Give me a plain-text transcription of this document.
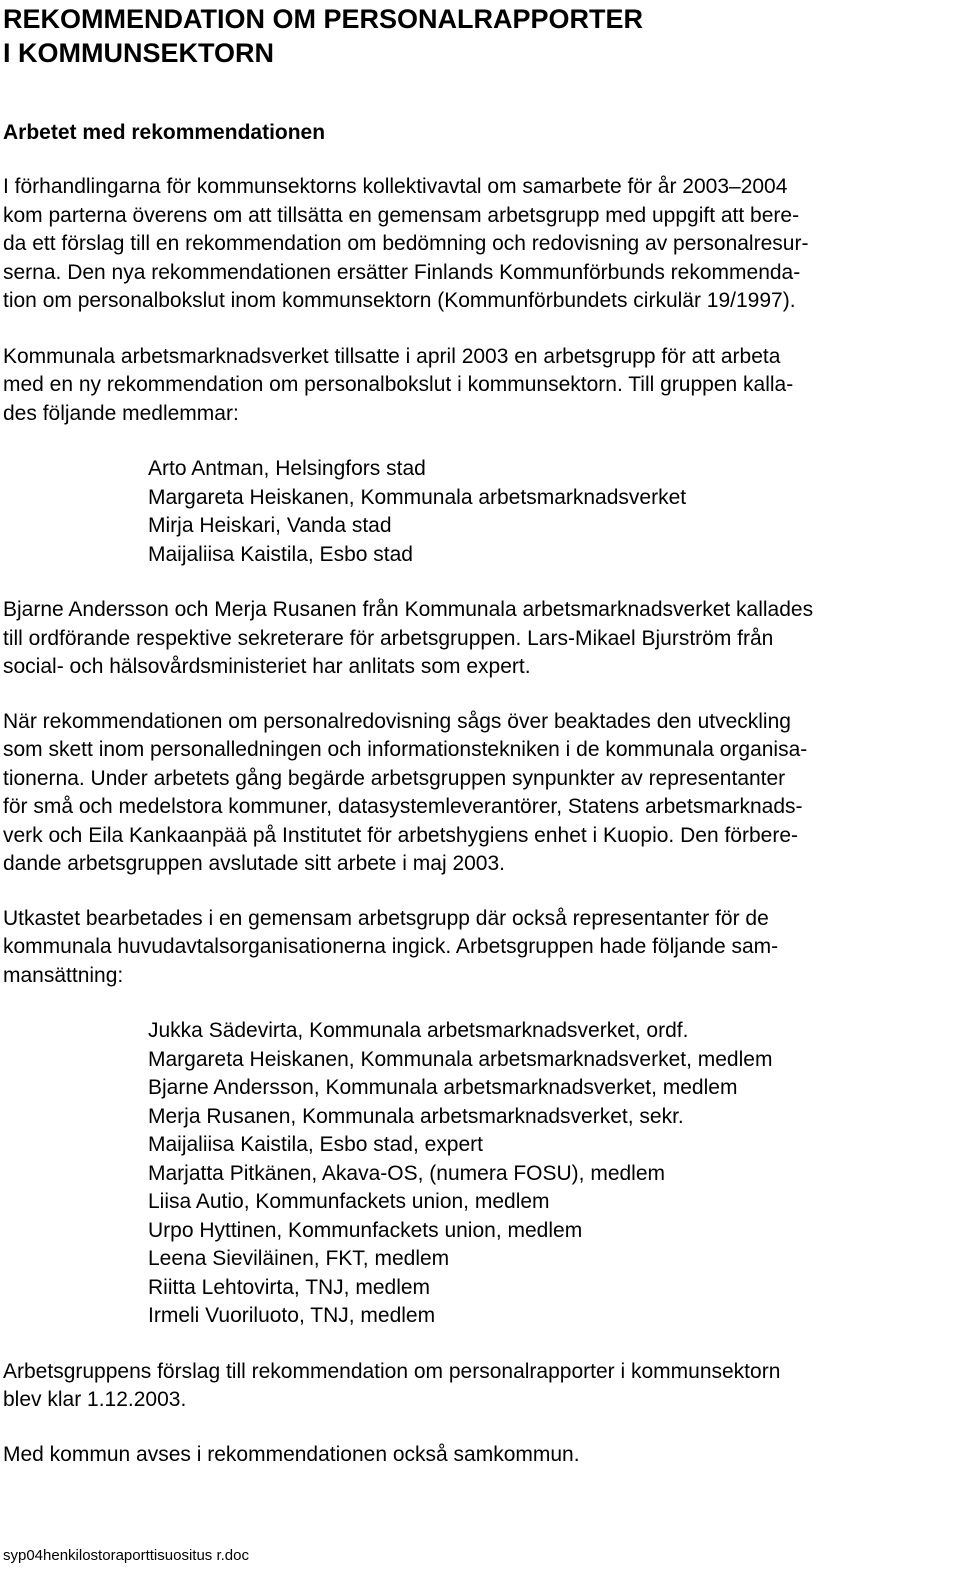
REKOMMENDATION OM PERSONALRAPPORTER
I KOMMUNSEKTORN
Arbetet med rekommendationen

I förhandlingarna för kommunsektorns kollektivavtal om samarbete för år 2003–2004
kom parterna överens om att tillsätta en gemensam arbetsgrupp med uppgift att bere-
da ett förslag till en rekommendation om bedömning och redovisning av personalresur-
serna. Den nya rekommendationen ersätter Finlands Kommunförbunds rekommenda-
tion om personalbokslut inom kommunsektorn (Kommunförbundets cirkulär 19/1997).

Kommunala arbetsmarknadsverket tillsatte i april 2003 en arbetsgrupp för att arbeta
med en ny rekommendation om personalbokslut i kommunsektorn. Till gruppen kalla-
des följande medlemmar:

Arto Antman, Helsingfors stad
Margareta Heiskanen, Kommunala arbetsmarknadsverket
Mirja Heiskari, Vanda stad
Maijaliisa Kaistila, Esbo stad

Bjarne Andersson och Merja Rusanen från Kommunala arbetsmarknadsverket kallades
till ordförande respektive sekreterare för arbetsgruppen. Lars-Mikael Bjurström från
social- och hälsovårdsministeriet har anlitats som expert.

När rekommendationen om personalredovisning sågs över beaktades den utveckling
som skett inom personalledningen och informationstekniken i de kommunala organisa-
tionerna. Under arbetets gång begärde arbetsgruppen synpunkter av representanter
för små och medelstora kommuner, datasystemleverantörer, Statens arbetsmarknads-
verk och Eila Kankaanpää på Institutet för arbetshygiens enhet i Kuopio. Den förbere-
dande arbetsgruppen avslutade sitt arbete i maj 2003.

Utkastet bearbetades i en gemensam arbetsgrupp där också representanter för de
kommunala huvudavtalsorganisationerna ingick. Arbetsgruppen hade följande sam-
mansättning:

Jukka Sädevirta, Kommunala arbetsmarknadsverket, ordf.
Margareta Heiskanen, Kommunala arbetsmarknadsverket, medlem
Bjarne Andersson, Kommunala arbetsmarknadsverket, medlem
Merja Rusanen, Kommunala arbetsmarknadsverket, sekr.
Maijaliisa Kaistila, Esbo stad, expert
Marjatta Pitkänen, Akava-OS, (numera FOSU), medlem
Liisa Autio, Kommunfackets union, medlem
Urpo Hyttinen, Kommunfackets union, medlem
Leena Sieviläinen, FKT, medlem
Riitta Lehtovirta, TNJ, medlem
Irmeli Vuoriluoto, TNJ, medlem

Arbetsgruppens förslag till rekommendation om personalrapporter i kommunsektorn
blev klar 1.12.2003.

Med kommun avses i rekommendationen också samkommun.

syp04henkilostoraporttisuositus r.doc
